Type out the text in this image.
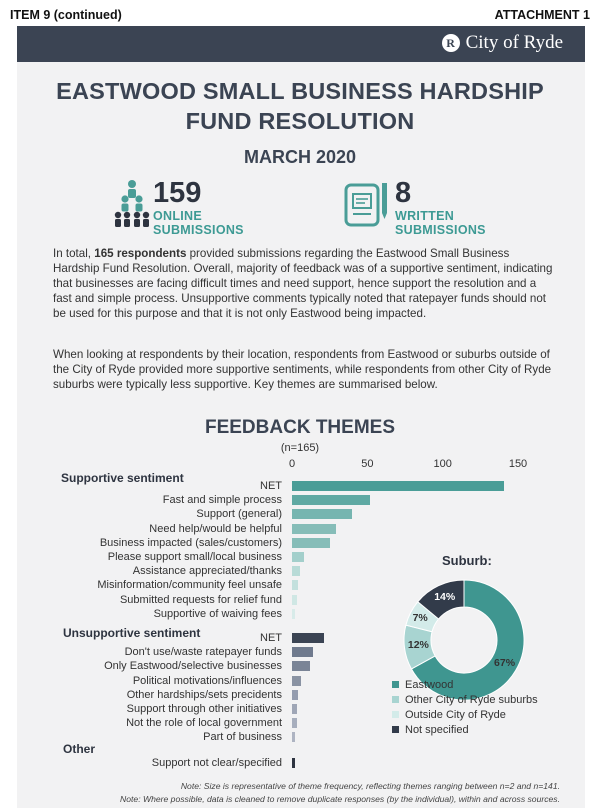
ITEM 9 (continued)	ATTACHMENT 1
R City of Ryde
EASTWOOD SMALL BUSINESS HARDSHIP
FUND RESOLUTION
MARCH 2020
159
ONLINE
SUBMISSIONS
8
WRITTEN
SUBMISSIONS
In total, 165 respondents provided submissions regarding the Eastwood Small Business Hardship Fund Resolution. Overall, majority of feedback was of a supportive sentiment, indicating that businesses are facing difficult times and need support, hence support the resolution and a fast and simple process. Unsupportive comments typically noted that ratepayer funds should not be used for this purpose and that it is not only Eastwood being impacted.
When looking at respondents by their location, respondents from Eastwood or suburbs outside of the City of Ryde provided more supportive sentiments, while respondents from other City of Ryde suburbs were typically less supportive. Key themes are summarised below.
FEEDBACK THEMES
(n=165)
0	50	100	150
Supportive sentiment
NET
Fast and simple process
Support (general)
Need help/would be helpful
Business impacted (sales/customers)
Please support small/local business
Assistance appreciated/thanks
Misinformation/community feel unsafe
Submitted requests for relief fund
Supportive of waiving fees
Unsupportive sentiment	NET
Don't use/waste ratepayer funds
Only Eastwood/selective businesses
Political motivations/influences
Other hardships/sets precidents
Support through other initiatives
Not the role of local government
Part of business
Other
Support not clear/specified
Suburb:
67%
12%
7%
14%
Eastwood
Other City of Ryde suburbs
Outside City of Ryde
Not specified
Note: Size is representative of theme frequency, reflecting themes ranging between n=2 and n=141.
Note: Where possible, data is cleaned to remove duplicate responses (by the individual), within and across sources.
